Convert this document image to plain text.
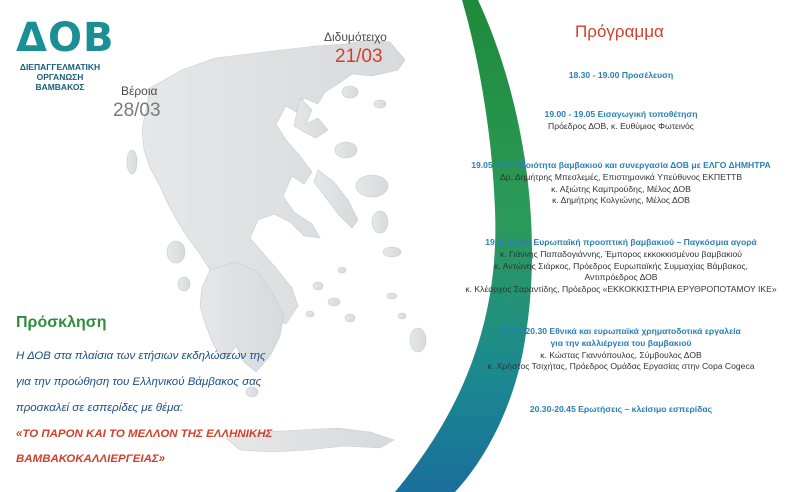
ΔΟΒ
ΔΙΕΠΑΓΓΕΛΜΑΤΙΚΗ
ΟΡΓΑΝΩΣΗ ΒΑΜΒΑΚΟΣ
Διδυμότειχο
21/03
Βέροια
28/03
Πρόσκληση
Η ΔΟΒ στα πλαίσια των ετήσιων εκδηλώσεων της
για την προώθηση του Ελληνικού Βάμβακος σας
προσκαλεί σε εσπερίδες με θέμα:
«ΤΟ ΠΑΡΟΝ ΚΑΙ ΤΟ ΜΕΛΛΟΝ ΤΗΣ ΕΛΛΗΝΙΚΗΣ
ΒΑΜΒΑΚΟΚΑΛΛΙΕΡΓΕΙΑΣ»
Πρόγραμμα
18.30 - 19.00 Προσέλευση
19.00 - 19.05 Εισαγωγική τοποθέτηση
Πρόεδρος ΔΟΒ, κ. Ευθύμιος Φωτεινός
19.05-19.30 Ποιότητα βαμβακιού και συνεργασία ΔΟΒ με ΕΛΓΟ ΔΗΜΗΤΡΑ
Δρ. Δημήτρης Μπεσλεμές, Επιστημονικά Υπεύθυνος ΕΚΠΕΤΤΒ
κ. Αξιώτης Καμπρούδης, Μέλος ΔΟΒ
κ. Δημήτρης Κολγιώνης, Μέλος ΔΟΒ
19.30-20.00 Ευρωπαϊκή προοπτική βαμβακιού – Παγκόσμια αγορά
κ. Γιάννης Παπαδογιάννης, Έμπορος εκκοκκισμένου βαμβακιού
κ. Αντώνης Σιάρκος, Πρόεδρος Ευρωπαϊκής Συμμαχίας Βάμβακος,
Αντιπρόεδρος ΔΟΒ
κ. Κλέαρχος Σαραντίδης, Πρόεδρος «ΕΚΚΟΚΚΙΣΤΗΡΙΑ ΕΡΥΘΡΟΠΟΤΑΜΟΥ ΙΚΕ»
20.00-20.30 Εθνικά και ευρωπαϊκά χρηματοδοτικά εργαλεία
για την καλλιέργεια του βαμβακιού
κ. Κώστας Γιαννόπουλος, Σύμβουλος ΔΟΒ
κ. Χρήστος Τσιχήτας, Πρόεδρος Ομάδας Εργασίας στην Copa Cogeca
20.30-20.45 Ερωτήσεις – κλείσιμο εσπερίδας
